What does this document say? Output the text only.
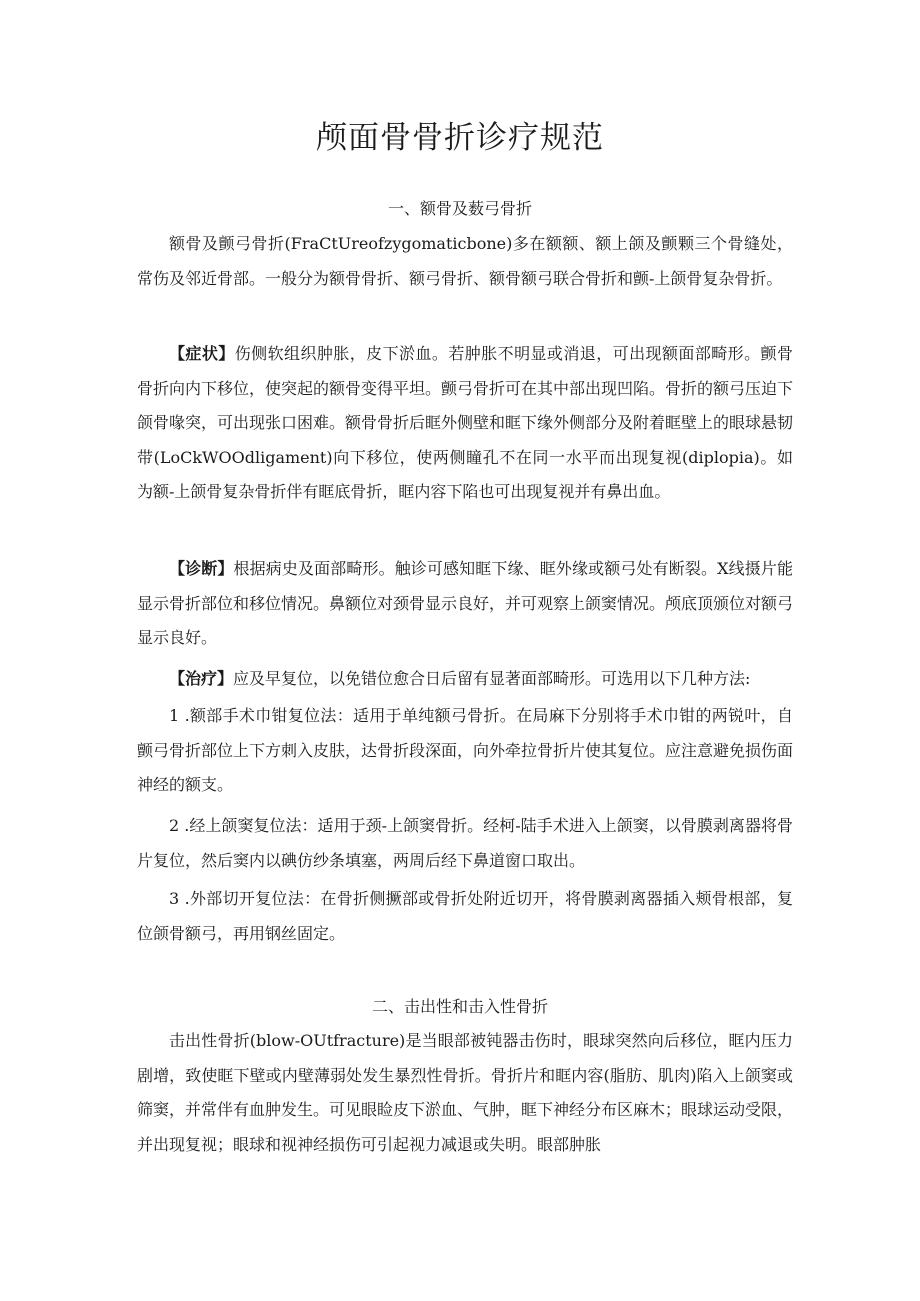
颅面骨骨折诊疗规范
一、额骨及薮弓骨折

额骨及颤弓骨折(FraCtUreofzygomaticbone)多在额额、额上颌及颤颗三个骨缝处，常伤及邻近骨部。一般分为额骨骨折、额弓骨折、额骨额弓联合骨折和颤-上颌骨复杂骨折。

【症状】伤侧软组织肿胀，皮下淤血。若肿胀不明显或消退，可出现额面部畸形。颤骨骨折向内下移位，使突起的额骨变得平坦。颤弓骨折可在其中部出现凹陷。骨折的额弓压迫下颌骨喙突，可出现张口困难。额骨骨折后眶外侧壁和眶下缘外侧部分及附着眶壁上的眼球悬韧带(LoCkWOOdligament)向下移位，使两侧瞳孔不在同一水平而出现复视(diplopia)。如为额-上颌骨复杂骨折伴有眶底骨折，眶内容下陷也可出现复视并有鼻出血。

【诊断】根据病史及面部畸形。触诊可感知眶下缘、眶外缘或额弓处有断裂。X线摄片能显示骨折部位和移位情况。鼻额位对颈骨显示良好，并可观察上颌窦情况。颅底顶颁位对额弓显示良好。

【治疗】应及早复位，以免错位愈合日后留有显著面部畸形。可选用以下几种方法:

1 .额部手术巾钳复位法：适用于单纯额弓骨折。在局麻下分别将手术巾钳的两锐叶，自颤弓骨折部位上下方刺入皮肤，达骨折段深面，向外牵拉骨折片使其复位。应注意避免损伤面神经的额支。

2 .经上颌窦复位法：适用于颈-上颌窦骨折。经柯-陆手术进入上颌窦，以骨膜剥离器将骨片复位，然后窦内以碘仿纱条填塞，两周后经下鼻道窗口取出。

3 .外部切开复位法：在骨折侧撅部或骨折处附近切开，将骨膜剥离器插入颊骨根部，复位颌骨额弓，再用钢丝固定。

二、击出性和击入性骨折

击出性骨折(blow-OUtfracture)是当眼部被钝器击伤时，眼球突然向后移位，眶内压力剧增，致使眶下壁或内壁薄弱处发生暴烈性骨折。骨折片和眶内容(脂肪、肌肉)陷入上颌窦或筛窦，并常伴有血肿发生。可见眼睑皮下淤血、气肿，眶下神经分布区麻木；眼球运动受限，并出现复视；眼球和视神经损伤可引起视力减退或失明。眼部肿胀
